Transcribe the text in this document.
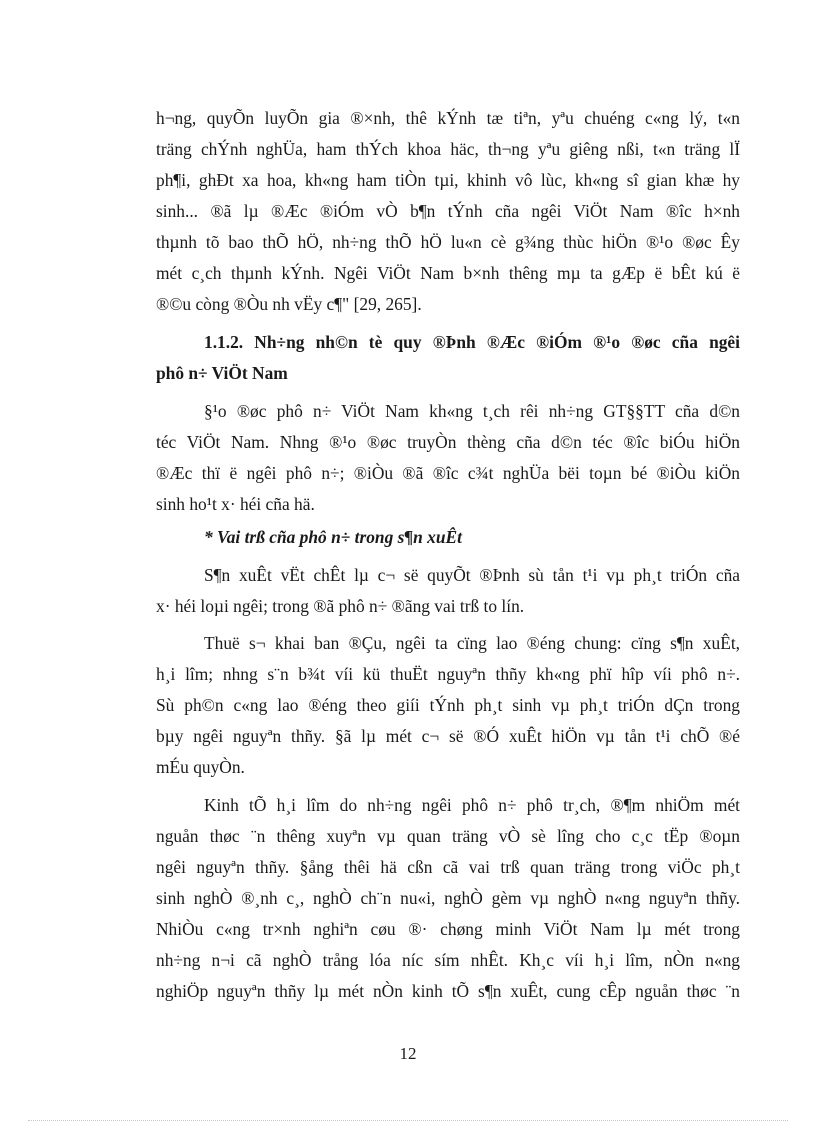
h¬ng, quyÕn luyÕn gia ®×nh, thê kÝnh tæ tiªn, yªu chuéng c«ng lý, t«n
träng chÝnh nghÜa, ham thÝch khoa häc, th¬ng yªu giêng nßi, t«n träng lÏ
ph¶i, ghÐt xa hoa, kh«ng ham tiÒn tµi, khinh vô lùc, kh«ng sî gian khæ hy
sinh... ®ã lµ ®Æc ®iÓm vÒ b¶n tÝnh cña ngêi ViÖt Nam ®îc h×nh
thµnh tõ bao thÕ hÖ, nh÷ng thÕ hÖ lu«n cè g¾ng thùc hiÖn ®¹o ®øc Êy
mét c¸ch thµnh kÝnh. Ngêi ViÖt Nam b×nh thêng mµ ta gÆp ë bÊt kú ë
®©u còng ®Òu nh vËy c¶" [29, 265].
1.1.2. Nh÷ng nh©n tè quy ®Þnh ®Æc ®iÓm ®¹o ®øc cña ngêi
phô n÷ ViÖt Nam
§¹o ®øc phô n÷ ViÖt Nam kh«ng t¸ch rêi nh÷ng GT§§TT cña d©n
téc ViÖt Nam. Nhng ®¹o ®øc truyÒn thèng cña d©n téc ®îc biÓu hiÖn
®Æc thï ë ngêi phô n÷; ®iÒu ®ã ®îc c¾t nghÜa bëi toµn bé ®iÒu kiÖn
sinh ho¹t x· héi cña hä.
* Vai trß cña phô n÷ trong s¶n xuÊt
S¶n xuÊt vËt chÊt lµ c¬ së quyÕt ®Þnh sù tån t¹i vµ ph¸t triÓn cña
x· héi loµi ngêi; trong ®ã phô n÷ ®ãng vai trß to lín.
Thuë s¬ khai ban ®Çu, ngêi ta cïng lao ®éng chung: cïng s¶n xuÊt,
h¸i lîm; nhng s¨n b¾t víi kü thuËt nguyªn thñy kh«ng phï hîp víi phô n÷.
Sù ph©n c«ng lao ®éng theo giíi tÝnh ph¸t sinh vµ ph¸t triÓn dÇn trong
bµy ngêi nguyªn thñy. §ã lµ mét c¬ së ®Ó xuÊt hiÖn vµ tån t¹i chÕ ®é
mÉu quyÒn.
Kinh tÕ h¸i lîm do nh÷ng ngêi phô n÷ phô tr¸ch, ®¶m nhiÖm mét
nguån thøc ¨n thêng xuyªn vµ quan träng vÒ sè lîng cho c¸c tËp ®oµn
ngêi nguyªn thñy. §ång thêi hä cßn cã vai trß quan träng trong viÖc ph¸t
sinh nghÒ ®¸nh c¸, nghÒ ch¨n nu«i, nghÒ gèm vµ nghÒ n«ng nguyªn thñy.
NhiÒu c«ng tr×nh nghiªn cøu ®· chøng minh ViÖt Nam lµ mét trong
nh÷ng n¬i cã nghÒ trång lóa níc sím nhÊt. Kh¸c víi h¸i lîm, nÒn n«ng
nghiÖp nguyªn thñy lµ mét nÒn kinh tÕ s¶n xuÊt, cung cÊp nguån thøc ¨n
12
